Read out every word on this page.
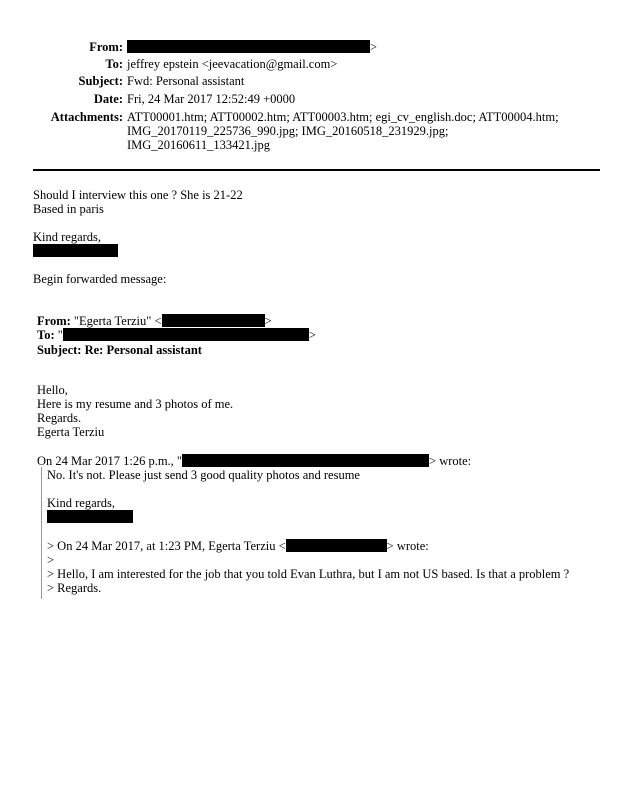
From:	>
To: jeffrey epstein <jeevacation@gmail.com>
Subject: Fwd: Personal assistant
Date: Fri, 24 Mar 2017 12:52:49 +0000
Attachments: ATT00001.htm; ATT00002.htm; ATT00003.htm; egi_cv_english.doc; ATT00004.htm;
IMG_20170119_225736_990.jpg; IMG_20160518_231929.jpg;
IMG_20160611_133421.jpg
Should I interview this one ? She is 21-22
Based in paris
Kind regards,
Begin forwarded message:
From: "Egerta Terziu" <	>
To: "	>
Subject: Re: Personal assistant
Hello,
Here is my resume and 3 photos of me.
Regards.
Egerta Terziu
On 24 Mar 2017 1:26 p.m., "	> wrote:
No. It's not. Please just send 3 good quality photos and resume
Kind regards,
> On 24 Mar 2017, at 1:23 PM, Egerta Terziu <	> wrote:
>
> Hello, I am interested for the job that you told Evan Luthra, but I am not US based. Is that a problem ?
> Regards.
